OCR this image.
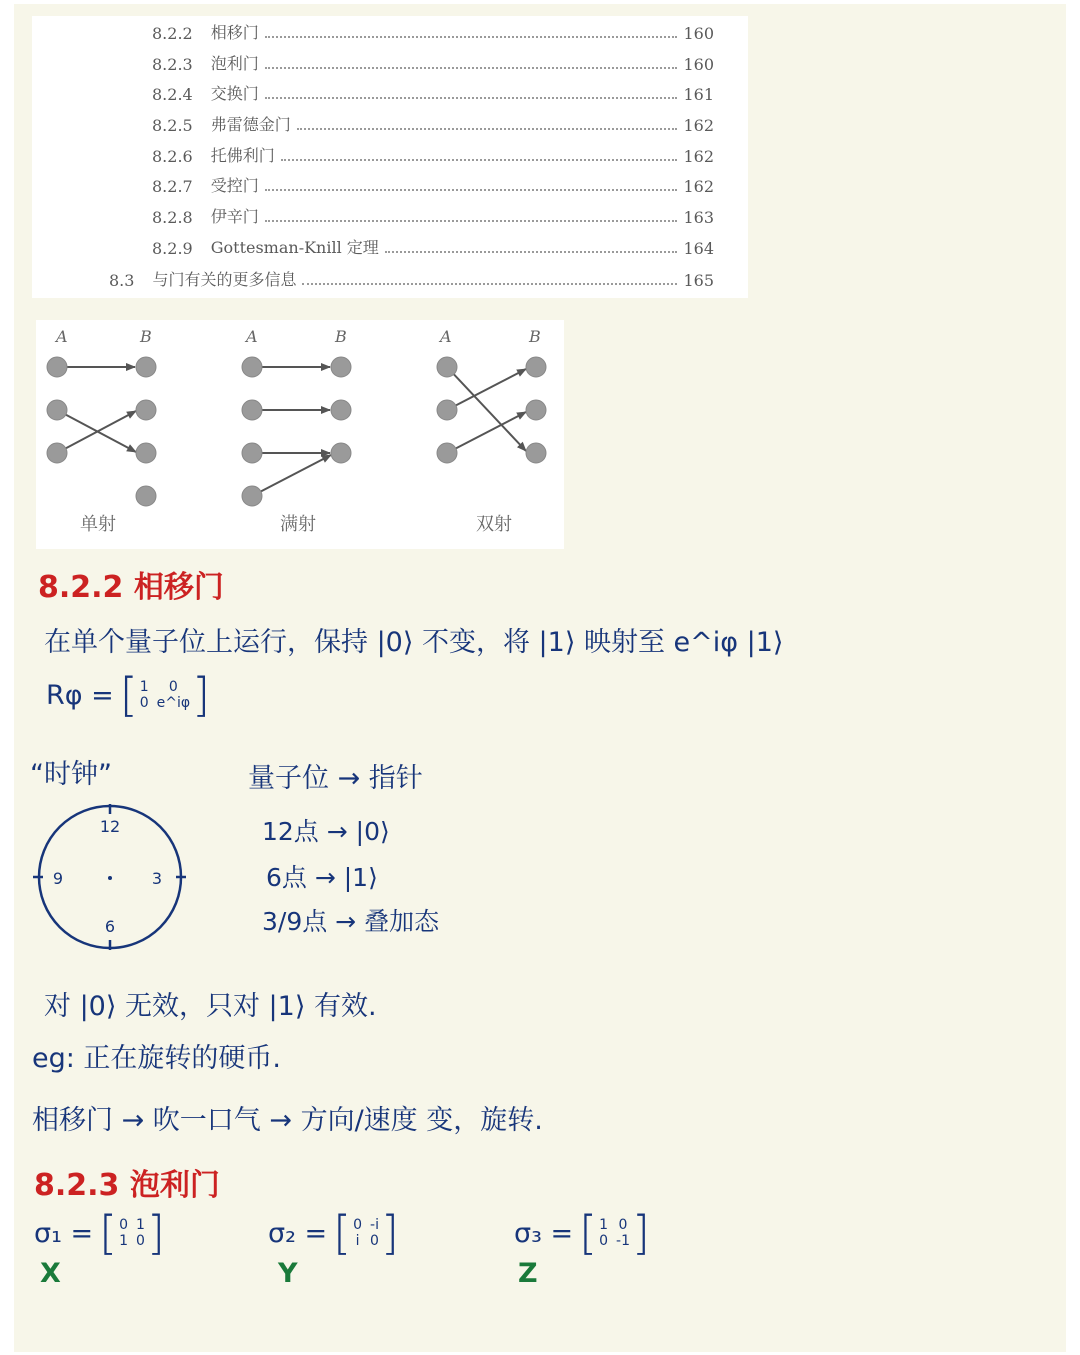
8.2.2 相移门	160
8.2.3 泡利门	160
8.2.4 交换门	161
8.2.5 弗雷德金门	162
8.2.6 托佛利门	162
8.2.7 受控门	162
8.2.8 伊辛门	163
8.2.9 Gottesman-Knill 定理	164
8.3 与门有关的更多信息	165
A	B
单射
A	B
满射
A	B
双射
8.2.2 相移门
在单个量子位上运行，保持 |0⟩ 不变，将 |1⟩ 映射至 e^iφ |1⟩
Rφ = [ 1	0
0 e^iφ ]
“时钟”
12
3
6
9
量子位 → 指针
12点 → |0⟩
6点 → |1⟩
3/9点 → 叠加态
对 |0⟩ 无效，只对 |1⟩ 有效.
eg: 正在旋转的硬币.
相移门 → 吹一口气 → 方向/速度 变，旋转.
8.2.3 泡利门
σ₁ = [ 0 1
1 0 ]
X
σ₂ = [ 0 -i
i 0 ]
Y
σ₃ = [ 1 0
0 -1 ]
Z
